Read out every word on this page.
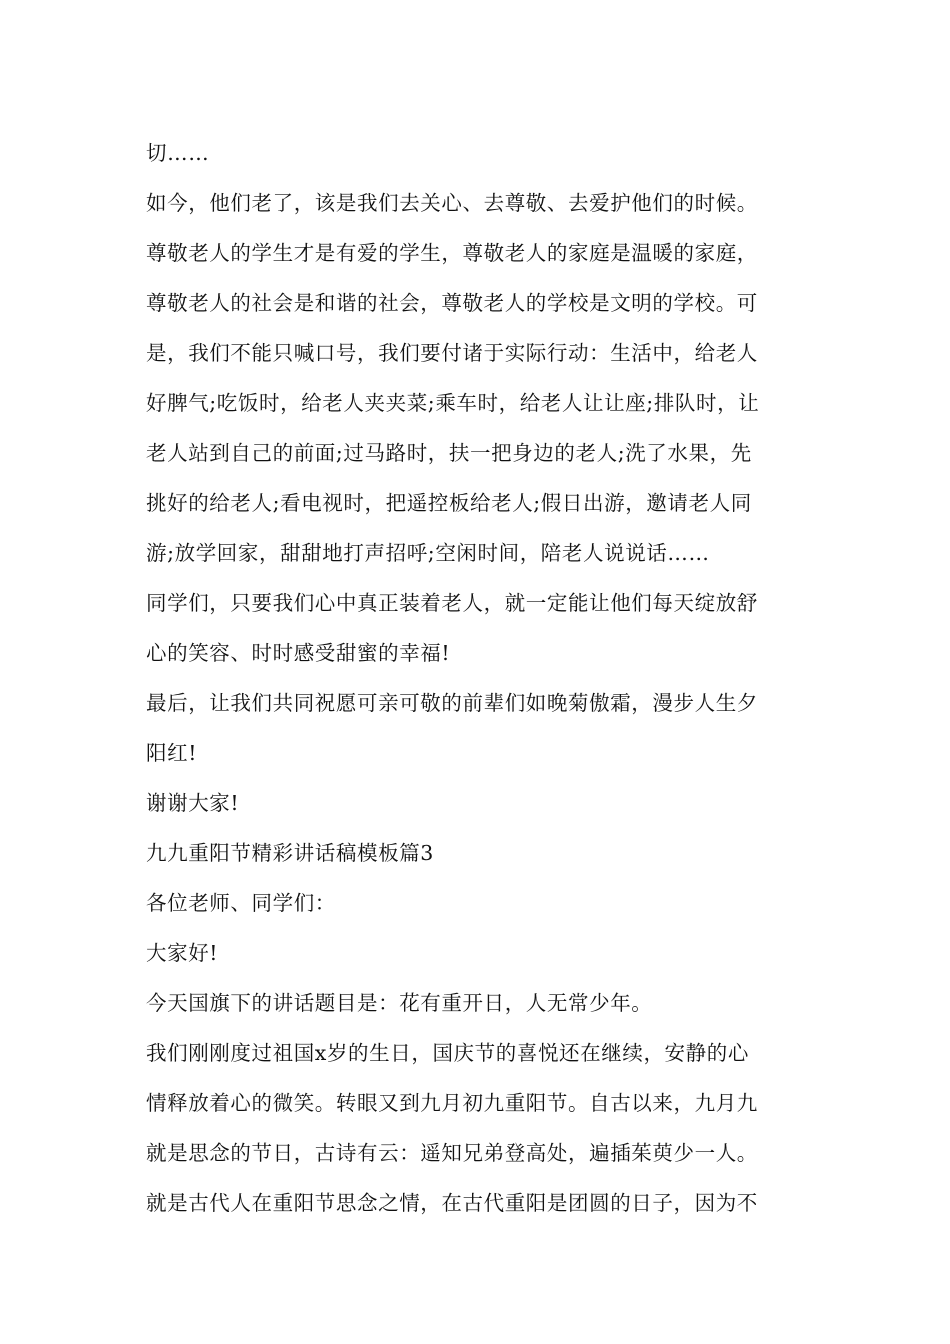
切……
如今，他们老了，该是我们去关心、去尊敬、去爱护他们的时候。
尊敬老人的学生才是有爱的学生，尊敬老人的家庭是温暖的家庭，
尊敬老人的社会是和谐的社会，尊敬老人的学校是文明的学校。可
是，我们不能只喊口号，我们要付诸于实际行动：生活中，给老人
好脾气;吃饭时，给老人夹夹菜;乘车时，给老人让让座;排队时，让
老人站到自己的前面;过马路时，扶一把身边的老人;洗了水果，先
挑好的给老人;看电视时，把遥控板给老人;假日出游，邀请老人同
游;放学回家，甜甜地打声招呼;空闲时间，陪老人说说话……
同学们，只要我们心中真正装着老人，就一定能让他们每天绽放舒
心的笑容、时时感受甜蜜的幸福!
最后，让我们共同祝愿可亲可敬的前辈们如晚菊傲霜，漫步人生夕
阳红!
谢谢大家!
九九重阳节精彩讲话稿模板篇3
各位老师、同学们：
大家好!
今天国旗下的讲话题目是：花有重开日，人无常少年。
我们刚刚度过祖国x岁的生日，国庆节的喜悦还在继续，安静的心
情释放着心的微笑。转眼又到九月初九重阳节。自古以来，九月九
就是思念的节日，古诗有云：遥知兄弟登高处，遍插茱萸少一人。
就是古代人在重阳节思念之情，在古代重阳是团圆的日子，因为不
